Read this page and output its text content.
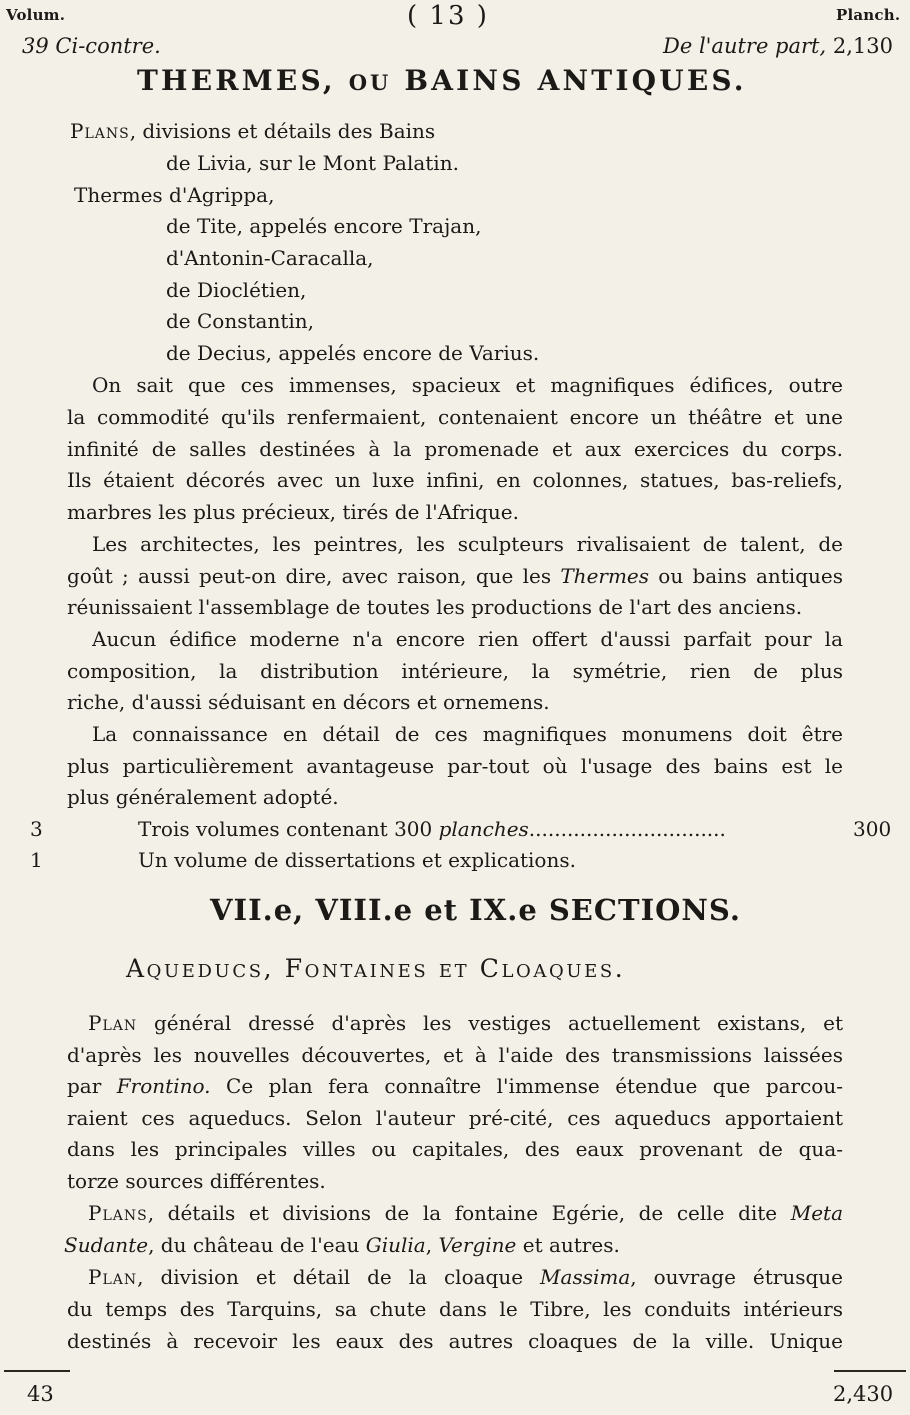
Volum.	( 13 )	Planch.
39 Ci-contre.	De l'autre part, 2,130
THERMES, OU BAINS ANTIQUES.
Plans, divisions et détails des Bains
de Livia, sur le Mont Palatin.
Thermes d'Agrippa,
de Tite, appelés encore Trajan,
d'Antonin-Caracalla,
de Dioclétien,
de Constantin,
de Decius, appelés encore de Varius.
On sait que ces immenses, spacieux et magnifiques édifices, outre
la commodité qu'ils renfermaient, contenaient encore un théâtre et une
infinité de salles destinées à la promenade et aux exercices du corps.
Ils étaient décorés avec un luxe infini, en colonnes, statues, bas-reliefs,
marbres les plus précieux, tirés de l'Afrique.
Les architectes, les peintres, les sculpteurs rivalisaient de talent, de
goût ; aussi peut-on dire, avec raison, que les Thermes ou bains antiques
réunissaient l'assemblage de toutes les productions de l'art des anciens.
Aucun édifice moderne n'a encore rien offert d'aussi parfait pour la
composition, la distribution intérieure, la symétrie, rien de plus
riche, d'aussi séduisant en décors et ornemens.
La connaissance en détail de ces magnifiques monumens doit être
plus particulièrement avantageuse par-tout où l'usage des bains est le
plus généralement adopté.
3	Trois volumes contenant 300 planches...............................	300
1	Un volume de dissertations et explications.
VII.e, VIII.e et IX.e SECTIONS.
Aqueducs, Fontaines et Cloaques.
Plan général dressé d'après les vestiges actuellement existans, et
d'après les nouvelles découvertes, et à l'aide des transmissions laissées
par Frontino. Ce plan fera connaître l'immense étendue que parcou-
raient ces aqueducs. Selon l'auteur pré-cité, ces aqueducs apportaient
dans les principales villes ou capitales, des eaux provenant de qua-
torze sources différentes.
Plans, détails et divisions de la fontaine Egérie, de celle dite Meta
Sudante, du château de l'eau Giulia, Vergine et autres.
Plan, division et détail de la cloaque Massima, ouvrage étrusque
du temps des Tarquins, sa chute dans le Tibre, les conduits intérieurs
destinés à recevoir les eaux des autres cloaques de la ville. Unique
43	2,430
